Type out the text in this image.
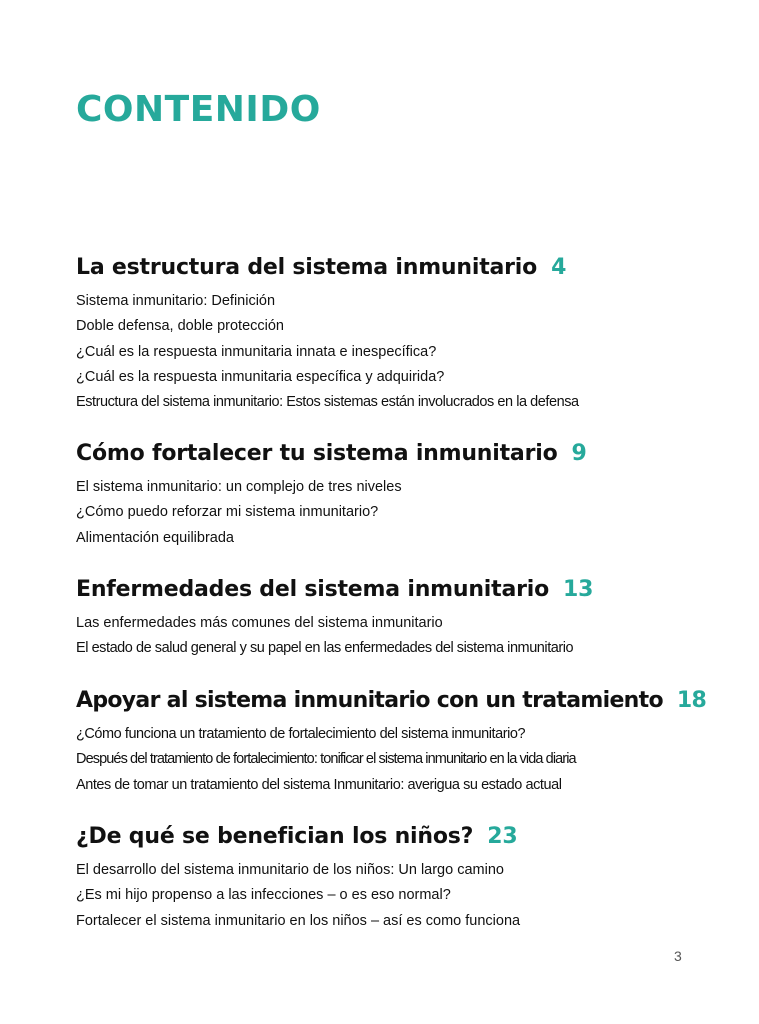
CONTENIDO
La estructura del sistema inmunitario 4
Sistema inmunitario: Definición
Doble defensa, doble protección
¿Cuál es la respuesta inmunitaria innata e inespecífica?
¿Cuál es la respuesta inmunitaria específica y adquirida?
Estructura del sistema inmunitario: Estos sistemas están involucrados en la defensa
Cómo fortalecer tu sistema inmunitario 9
El sistema inmunitario: un complejo de tres niveles
¿Cómo puedo reforzar mi sistema inmunitario?
Alimentación equilibrada
Enfermedades del sistema inmunitario 13
Las enfermedades más comunes del sistema inmunitario
El estado de salud general y su papel en las enfermedades del sistema inmunitario
Apoyar al sistema inmunitario con un tratamiento 18
¿Cómo funciona un tratamiento de fortalecimiento del sistema inmunitario?
Después del tratamiento de fortalecimiento: tonificar el sistema inmunitario en la vida diaria
Antes de tomar un tratamiento del sistema Inmunitario: averigua su estado actual
¿De qué se benefician los niños? 23
El desarrollo del sistema inmunitario de los niños: Un largo camino
¿Es mi hijo propenso a las infecciones – o es eso normal?
Fortalecer el sistema inmunitario en los niños – así es como funciona
3
